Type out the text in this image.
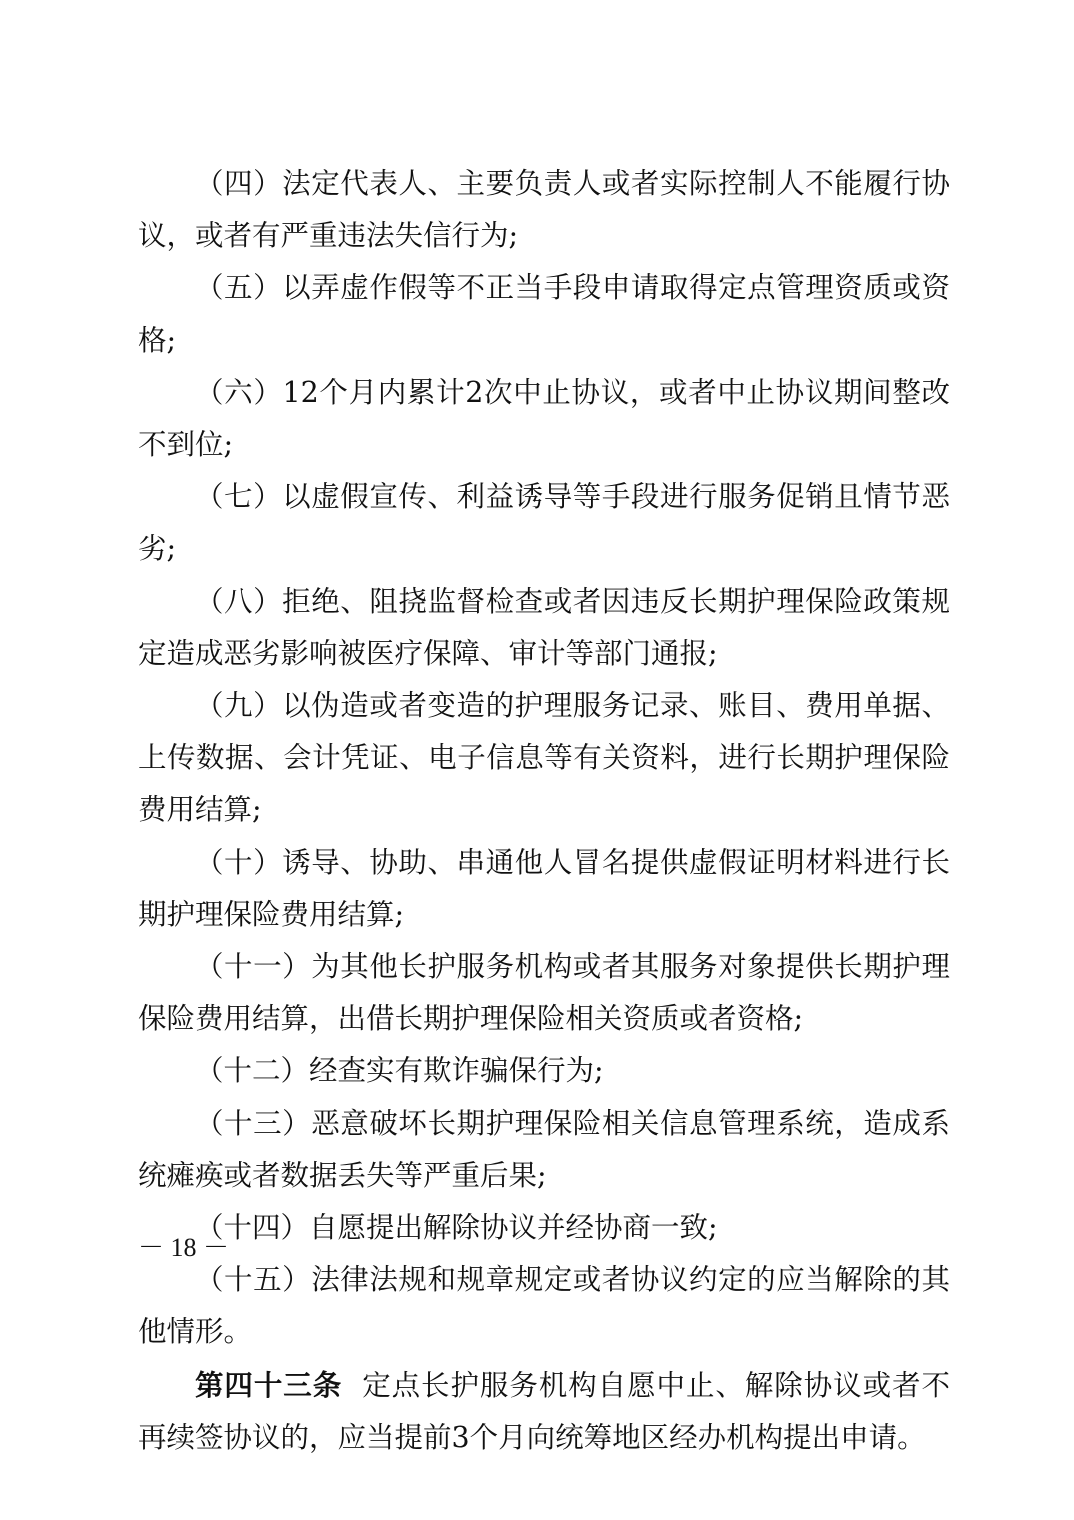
（四）法定代表人、主要负责人或者实际控制人不能履行协议，或者有严重违法失信行为;

（五）以弄虚作假等不正当手段申请取得定点管理资质或资格;

（六）12个月内累计2次中止协议，或者中止协议期间整改不到位;

（七）以虚假宣传、利益诱导等手段进行服务促销且情节恶劣;

（八）拒绝、阻挠监督检查或者因违反长期护理保险政策规定造成恶劣影响被医疗保障、审计等部门通报;

（九）以伪造或者变造的护理服务记录、账目、费用单据、上传数据、会计凭证、电子信息等有关资料，进行长期护理保险费用结算;

（十）诱导、协助、串通他人冒名提供虚假证明材料进行长期护理保险费用结算;

（十一）为其他长护服务机构或者其服务对象提供长期护理保险费用结算，出借长期护理保险相关资质或者资格;

（十二）经查实有欺诈骗保行为;

（十三）恶意破坏长期护理保险相关信息管理系统，造成系统瘫痪或者数据丢失等严重后果;

（十四）自愿提出解除协议并经协商一致;

（十五）法律法规和规章规定或者协议约定的应当解除的其他情形。

第四十三条 定点长护服务机构自愿中止、解除协议或者不再续签协议的，应当提前3个月向统筹地区经办机构提出申请。

－ 18 －
